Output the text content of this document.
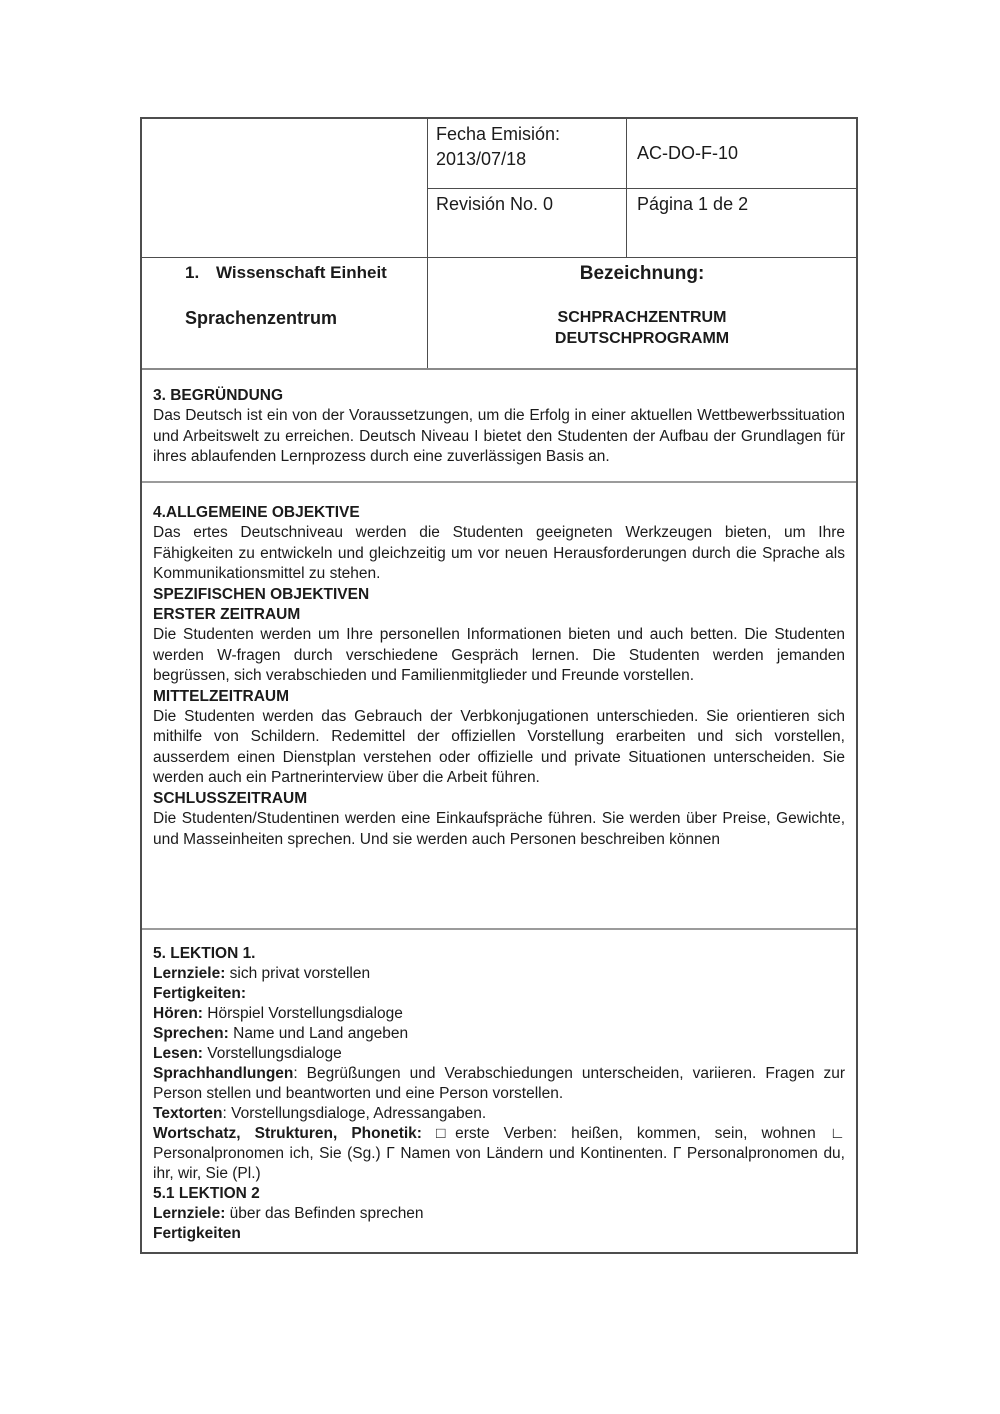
Fecha Emisión:
2013/07/18	AC-DO-F-10
Revisión No. 0	Página 1 de 2
1. Wissenschaft Einheit
Sprachenzentrum
Bezeichnung:
SCHPRACHZENTRUM
DEUTSCHPROGRAMM

3. BEGRÜNDUNG

Das Deutsch ist ein von der Voraussetzungen, um die Erfolg in einer aktuellen Wettbewerbssituation und Arbeitswelt zu erreichen. Deutsch Niveau I bietet den Studenten der Aufbau der Grundlagen für ihres ablaufenden Lernprozess durch eine zuverlässigen Basis an.

4.ALLGEMEINE OBJEKTIVE

Das ertes Deutschniveau werden die Studenten geeigneten Werkzeugen bieten, um Ihre Fähigkeiten zu entwickeln und gleichzeitig um vor neuen Herausforderungen durch die Sprache als Kommunikationsmittel zu stehen.

SPEZIFISCHEN OBJEKTIVEN

ERSTER ZEITRAUM

Die Studenten werden um Ihre personellen Informationen bieten und auch betten. Die Studenten werden W-fragen durch verschiedene Gespräch lernen. Die Studenten werden jemanden begrüssen, sich verabschieden und Familienmitglieder und Freunde vorstellen.

MITTELZEITRAUM

Die Studenten werden das Gebrauch der Verbkonjugationen unterschieden. Sie orientieren sich mithilfe von Schildern. Redemittel der offiziellen Vorstellung erarbeiten und sich vorstellen, ausserdem einen Dienstplan verstehen oder offizielle und private Situationen unterscheiden. Sie werden auch ein Partnerinterview über die Arbeit führen.

SCHLUSSZEITRAUM

Die Studenten/Studentinen werden eine Einkaufspräche führen. Sie werden über Preise, Gewichte, und Masseinheiten sprechen. Und sie werden auch Personen beschreiben können

5. LEKTION 1.

Lernziele: sich privat vorstellen

Fertigkeiten:

Hören: Hörspiel Vorstellungsdialoge

Sprechen: Name und Land angeben

Lesen: Vorstellungsdialoge

Sprachhandlungen: Begrüßungen und Verabschiedungen unterscheiden, variieren. Fragen zur Person stellen und beantworten und eine Person vorstellen.

Textorten: Vorstellungsdialoge, Adressangaben.

Wortschatz, Strukturen, Phonetik: □erste Verben: heißen, kommen, sein, wohnen ∟ Personalpronomen ich, Sie (Sg.) Γ Namen von Ländern und Kontinenten. Γ Personalpronomen du, ihr, wir, Sie (Pl.)

5.1 LEKTION 2

Lernziele: über das Befinden sprechen

Fertigkeiten
